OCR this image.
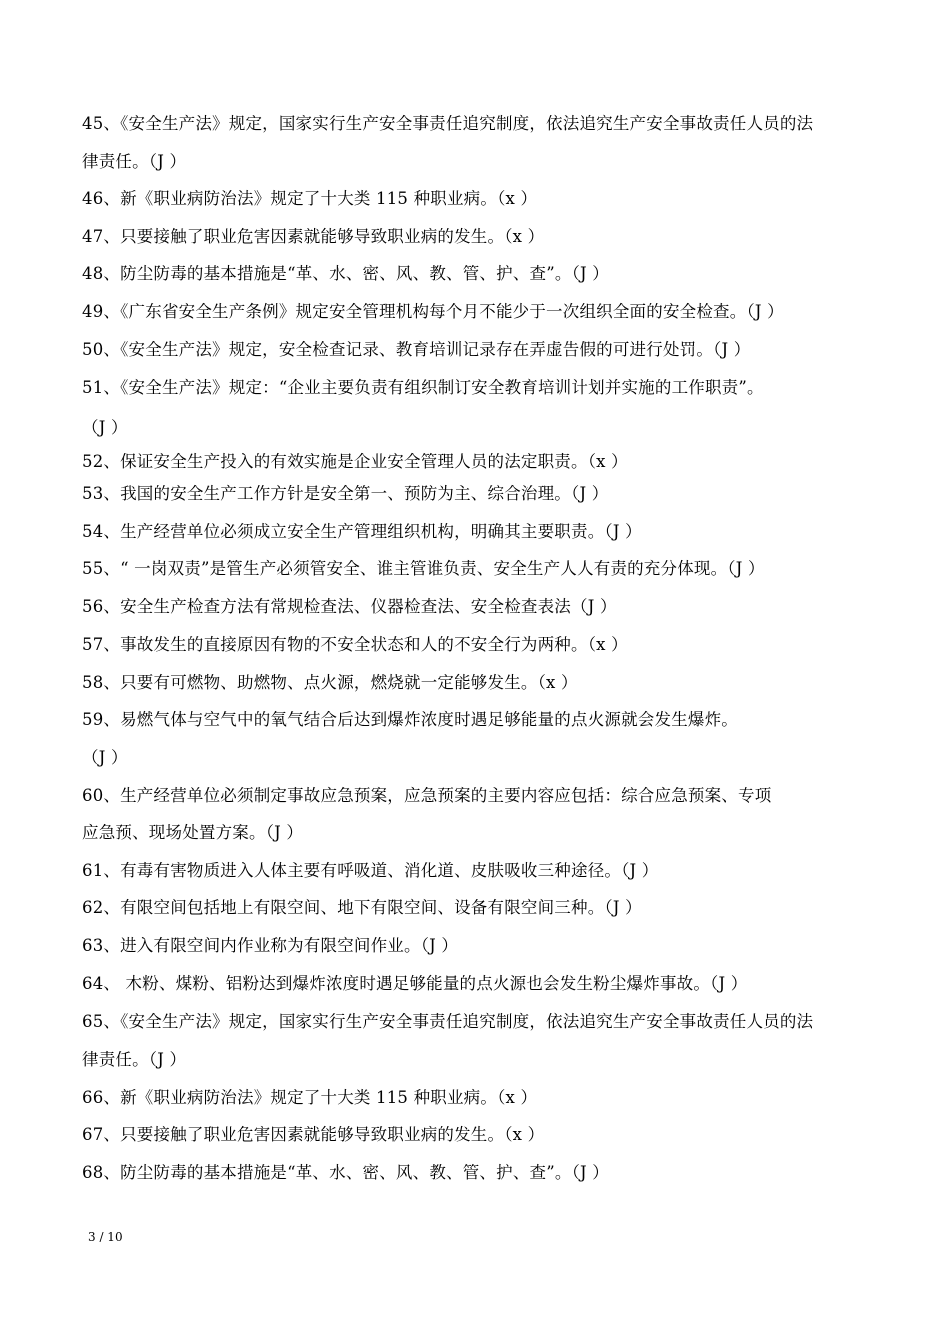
45、《安全生产法》规定，国家实行生产安全事责任追究制度，依法追究生产安全事故责任人员的法
律责任。（J ）
46、新《职业病防治法》规定了十大类 115 种职业病。（x ）
47、只要接触了职业危害因素就能够导致职业病的发生。（x ）
48、防尘防毒的基本措施是“革、水、密、风、教、管、护、查”。（J ）
49、《广东省安全生产条例》规定安全管理机构每个月不能少于一次组织全面的安全检查。（J ）
50、《安全生产法》规定，安全检查记录、教育培训记录存在弄虚告假的可进行处罚。（J ）
51、《安全生产法》规定：“企业主要负责有组织制订安全教育培训计划并实施的工作职责”。
（J ）
52、保证安全生产投入的有效实施是企业安全管理人员的法定职责。（x ）
53、我国的安全生产工作方针是安全第一、预防为主、综合治理。（J ）
54、生产经营单位必须成立安全生产管理组织机构，明确其主要职责。（J ）
55、“ 一岗双责”是管生产必须管安全、谁主管谁负责、安全生产人人有责的充分体现。（J ）
56、安全生产检查方法有常规检查法、仪器检查法、安全检查表法（J ）
57、事故发生的直接原因有物的不安全状态和人的不安全行为两种。（x ）
58、只要有可燃物、助燃物、点火源，燃烧就一定能够发生。（x ）
59、易燃气体与空气中的氧气结合后达到爆炸浓度时遇足够能量的点火源就会发生爆炸。
（J ）
60、生产经营单位必须制定事故应急预案，应急预案的主要内容应包括：综合应急预案、专项
应急预、现场处置方案。（J ）
61、有毒有害物质进入人体主要有呼吸道、消化道、皮肤吸收三种途径。（J ）
62、有限空间包括地上有限空间、地下有限空间、设备有限空间三种。（J ）
63、进入有限空间内作业称为有限空间作业。（J ）
64、 木粉、煤粉、铝粉达到爆炸浓度时遇足够能量的点火源也会发生粉尘爆炸事故。（J ）
65、《安全生产法》规定，国家实行生产安全事责任追究制度，依法追究生产安全事故责任人员的法
律责任。（J ）
66、新《职业病防治法》规定了十大类 115 种职业病。（x ）
67、只要接触了职业危害因素就能够导致职业病的发生。（x ）
68、防尘防毒的基本措施是“革、水、密、风、教、管、护、查”。（J ）
3 / 10
